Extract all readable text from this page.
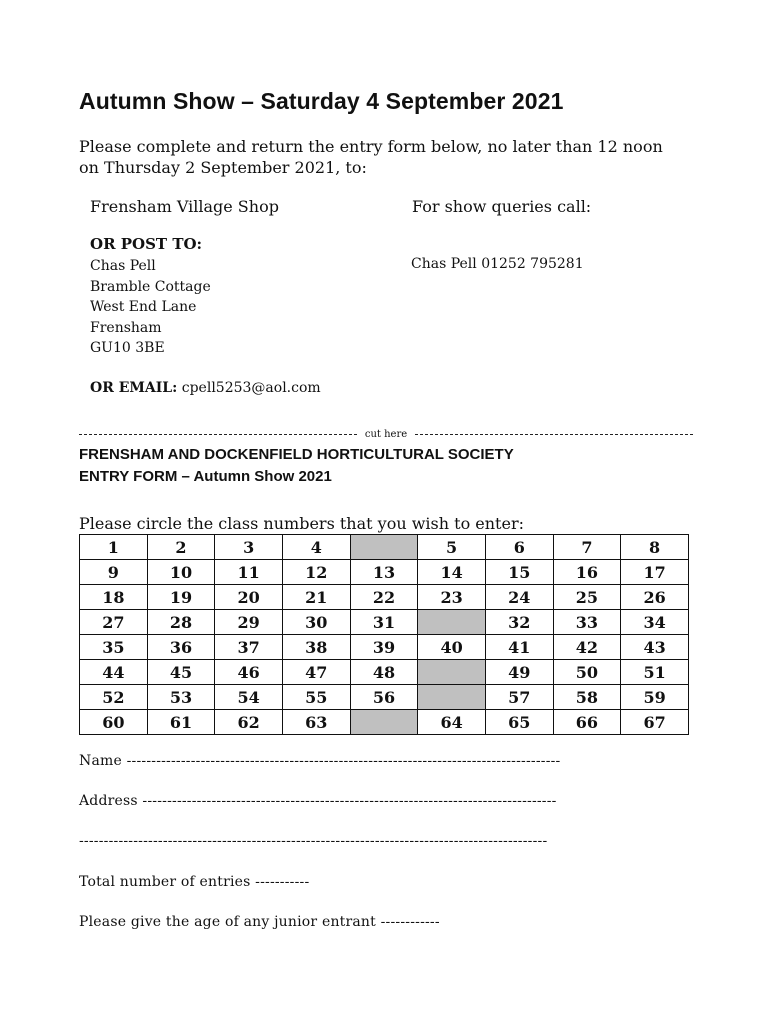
Autumn Show – Saturday 4 September 2021
Please complete and return the entry form below, no later than 12 noon on Thursday 2 September 2021, to:
Frensham Village Shop	For show queries call:
OR POST TO:
Chas Pell
Bramble Cottage
West End Lane
Frensham
GU10 3BE
Chas Pell 01252 795281
OR EMAIL: cpell5253@aol.com
cut here
FRENSHAM AND DOCKENFIELD HORTICULTURAL SOCIETY
ENTRY FORM – Autumn Show 2021
Please circle the class numbers that you wish to enter:
1	2	3	4		5	6	7	8
9	10	11	12	13	14	15	16	17
18	19	20	21	22	23	24	25	26
27	28	29	30	31		32	33	34
35	36	37	38	39	40	41	42	43
44	45	46	47	48		49	50	51
52	53	54	55	56		57	58	59
60	61	62	63		64	65	66	67
Name ----------------------------------------------------------------------------------------
Address ------------------------------------------------------------------------------------
-----------------------------------------------------------------------------------------------
Total number of entries -----------
Please give the age of any junior entrant ------------
